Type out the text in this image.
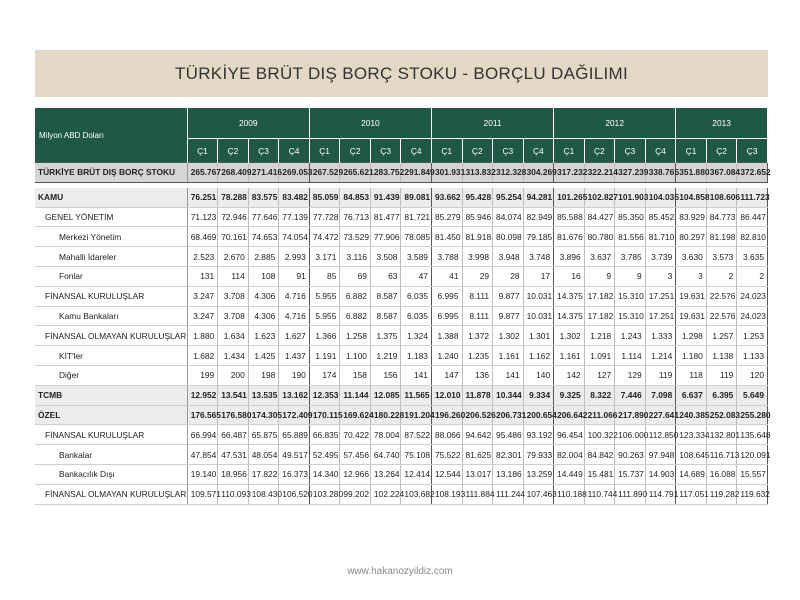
TÜRKİYE BRÜT DIŞ BORÇ STOKU - BORÇLU DAĞILIMI
Milyon ABD Doları	2009				2010				2011				2012				2013		
	Ç1	Ç2	Ç3	Ç4	Ç1	Ç2	Ç3	Ç4	Ç1	Ç2	Ç3	Ç4	Ç1	Ç2	Ç3	Ç4	Ç1	Ç2	Ç3
TÜRKİYE BRÜT DIŞ BORÇ STOKU	265.767	268.409	271.416	269.053	267.529	265.621	283.752	291.849	301.931	313.832	312.328	304.269	317.232	322.214	327.239	338.765	351.880	367.084	372.652

KAMU	76.251	78.288	83.575	83.482	85.059	84.853	91.439	89.081	93.662	95.428	95.254	94.281	101.265	102.827	101.903	104.035	104.858	108.606	111.723
GENEL YÖNETİM	71.123	72.946	77.646	77.139	77.728	76.713	81.477	81.721	85.279	85.946	84.074	82.949	85.588	84.427	85.350	85.452	83.929	84.773	86.447
Merkezi Yönetim	68.469	70.161	74.653	74.054	74.472	73.529	77.906	78.085	81.450	81.918	80.098	79.185	81.676	80.780	81.556	81.710	80.297	81.198	82.810
Mahalli İdareler	2.523	2.670	2.885	2.993	3.171	3.116	3.508	3.589	3.788	3.998	3.948	3.748	3.896	3.637	3.785	3.739	3.630	3.573	3.635
Fonlar	131	114	108	91	85	69	63	47	41	29	28	17	16	9	9	3	3	2	2
FİNANSAL KURULUŞLAR	3.247	3.708	4.306	4.716	5.955	6.882	8.587	6.035	6.995	8.111	9.877	10.031	14.375	17.182	15.310	17.251	19.631	22.576	24.023
Kamu Bankaları	3.247	3.708	4.306	4.716	5.955	6.882	8.587	6.035	6.995	8.111	9.877	10.031	14.375	17.182	15.310	17.251	19.631	22.576	24.023
FİNANSAL OLMAYAN KURULUŞLAR	1.880	1.634	1.623	1.627	1.366	1.258	1.375	1.324	1.388	1.372	1.302	1.301	1.302	1.218	1.243	1.333	1.298	1.257	1.253
KİT'ler	1.682	1.434	1.425	1.437	1.191	1.100	1.219	1.183	1.240	1.235	1.161	1.162	1.161	1.091	1.114	1.214	1.180	1.138	1.133
Diğer	199	200	198	190	174	158	156	141	147	136	141	140	142	127	129	119	118	119	120
TCMB	12.952	13.541	13.535	13.162	12.353	11.144	12.085	11.565	12.010	11.878	10.344	9.334	9.325	8.322	7.446	7.098	6.637	6.395	5.649
ÖZEL	176.565	176.580	174.305	172.409	170.115	169.624	180.228	191.204	196.260	206.526	206.731	200.654	206.642	211.066	217.890	227.641	240.385	252.083	255.280
FİNANSAL KURULUŞLAR	66.994	66.487	65.875	65.889	66.835	70.422	78.004	87.522	88.066	94.642	95.486	93.192	96.454	100.322	106.000	112.850	123.334	132.801	135.648
Bankalar	47.854	47.531	48.054	49.517	52.495	57.456	64.740	75.108	75.522	81.625	82.301	79.933	82.004	84.842	90.263	97.948	108.645	116.713	120.091
Bankacılık Dışı	19.140	18.956	17.822	16.373	14.340	12.966	13.264	12.414	12.544	13.017	13.186	13.259	14.449	15.481	15.737	14.903	14.689	16.088	15.557
FİNANSAL OLMAYAN KURULUŞLAR	109.571	110.093	108.430	106.520	103.280	99.202	102.224	103.682	108.193	111.884	111.244	107.463	110.188	110.744	111.890	114.791	117.051	119.282	119.632
www.hakanozyildiz.com
